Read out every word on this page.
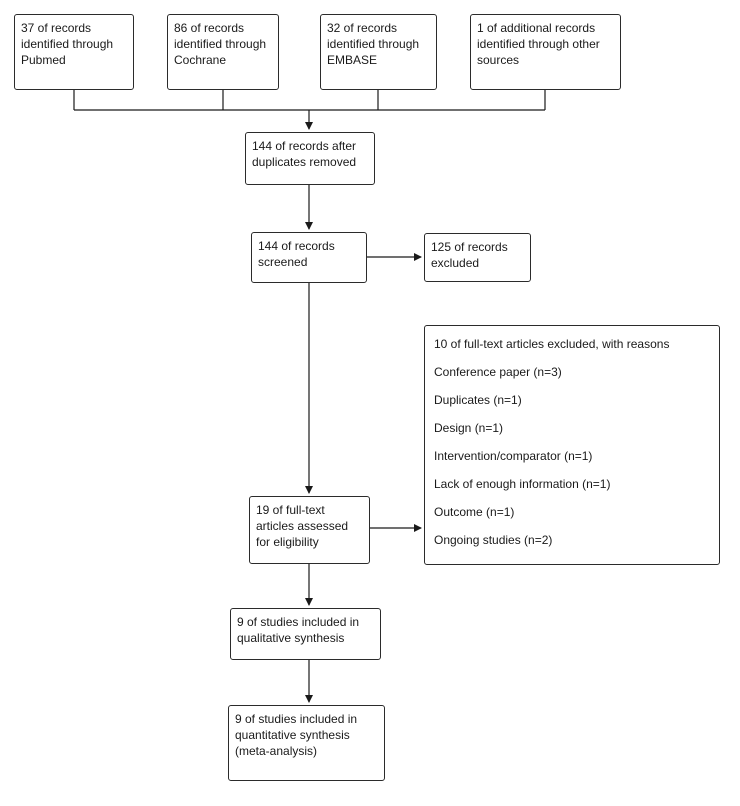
37 of records identified through Pubmed
86 of records identified through Cochrane
32 of records identified through EMBASE
1 of additional records identified through other sources
144 of records after duplicates removed
144 of records screened
125 of records excluded
10 of full-text articles excluded, with reasons
Conference paper (n=3)
Duplicates (n=1)
Design (n=1)
Intervention/comparator (n=1)
Lack of enough information (n=1)
Outcome (n=1)
Ongoing studies (n=2)
19 of full-text articles assessed for eligibility
9 of studies included in qualitative synthesis
9 of studies included in quantitative synthesis (meta-analysis)
